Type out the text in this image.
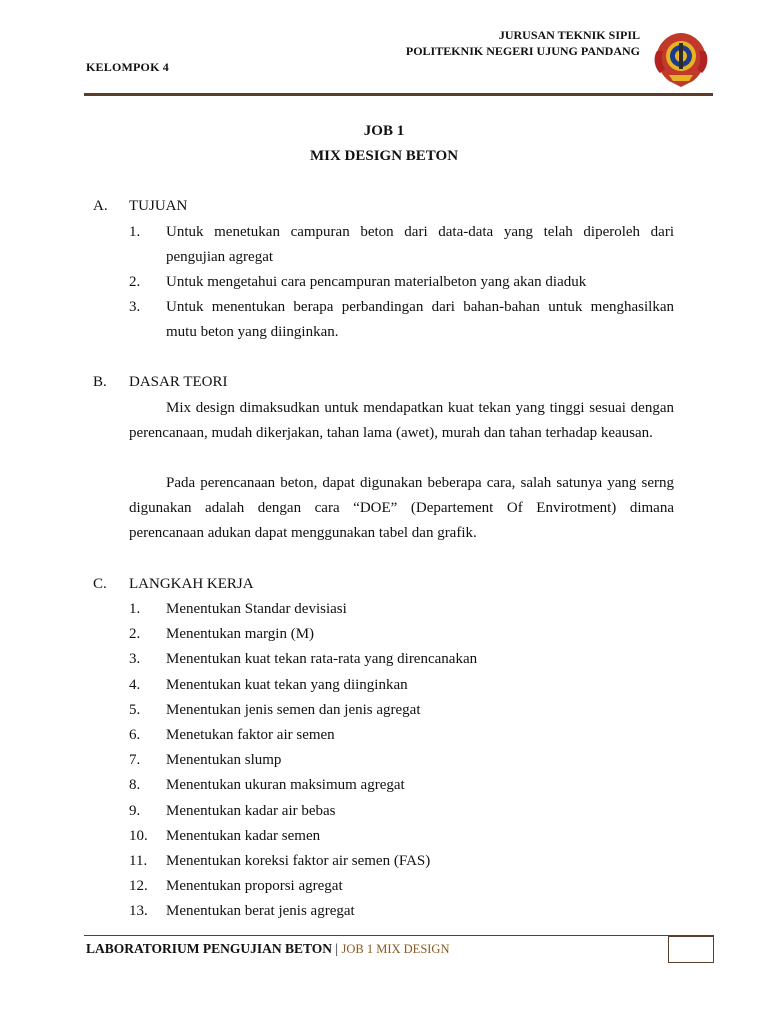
KELOMPOK 4
JURUSAN TEKNIK SIPIL
POLITEKNIK NEGERI UJUNG PANDANG
JOB 1
MIX DESIGN BETON
A. TUJUAN
1. Untuk menetukan campuran beton dari data-data yang telah diperoleh dari
pengujian agregat
2. Untuk mengetahui cara pencampuran materialbeton yang akan diaduk
3. Untuk menentukan berapa perbandingan dari bahan-bahan untuk menghasilkan
mutu beton yang diinginkan.
B. DASAR TEORI
Mix design dimaksudkan untuk mendapatkan kuat tekan yang tinggi sesuai dengan perencanaan, mudah dikerjakan, tahan lama (awet), murah dan tahan terhadap keausan.
Pada perencanaan beton, dapat digunakan beberapa cara, salah satunya yang serng digunakan adalah dengan cara “DOE” (Departement Of Envirotment) dimana perencanaan adukan dapat menggunakan tabel dan grafik.
C. LANGKAH KERJA
1. Menentukan Standar devisiasi
2. Menentukan margin (M)
3. Menentukan kuat tekan rata-rata yang direncanakan
4. Menentukan kuat tekan yang diinginkan
5. Menentukan jenis semen dan jenis agregat
6. Menetukan faktor air semen
7. Menentukan slump
8. Menentukan ukuran maksimum agregat
9. Menentukan kadar air bebas
10. Menentukan kadar semen
11. Menentukan koreksi faktor air semen (FAS)
12. Menentukan proporsi agregat
13. Menentukan berat jenis agregat
LABORATORIUM PENGUJIAN BETON | JOB 1 MIX DESIGN
